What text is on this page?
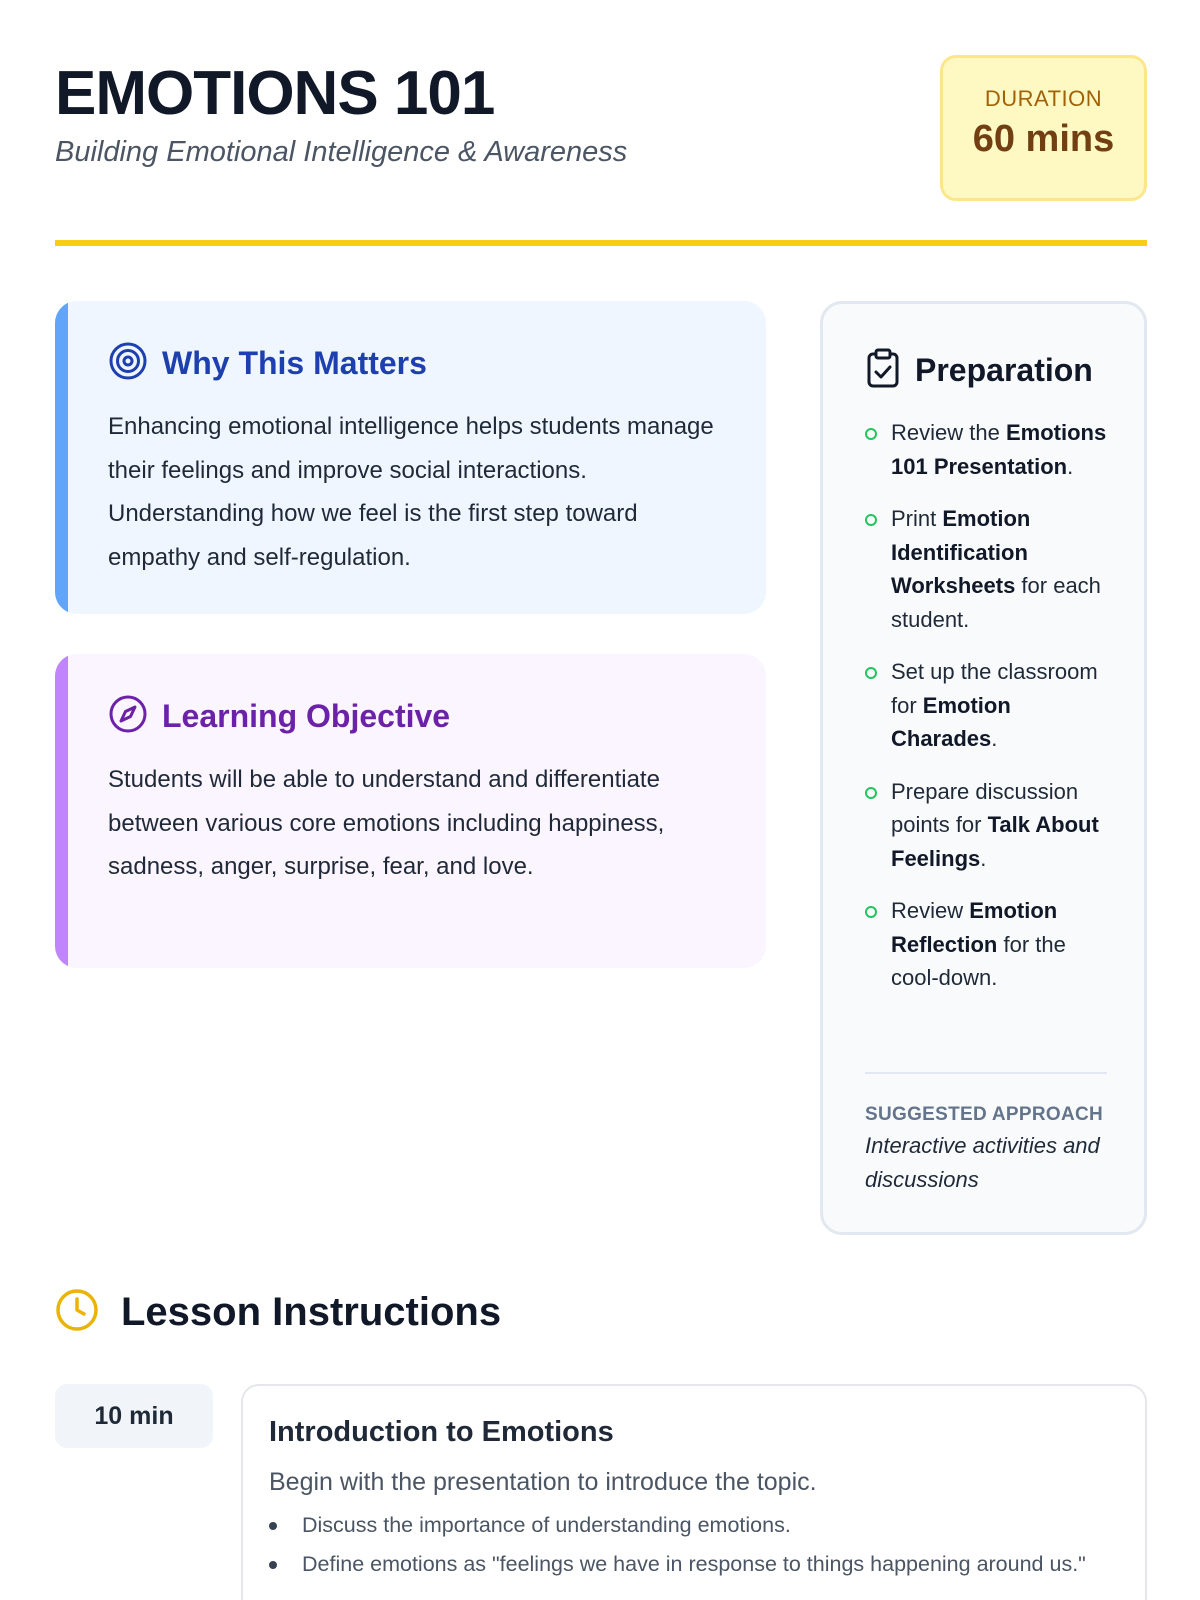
EMOTIONS 101
Building Emotional Intelligence & Awareness
DURATION
60 mins
Why This Matters

Enhancing emotional intelligence helps students manage their feelings and improve social interactions. Understanding how we feel is the first step toward empathy and self-regulation.

Learning Objective

Students will be able to understand and differentiate between various core emotions including happiness, sadness, anger, surprise, fear, and love.

Preparation
Review the Emotions 101 Presentation.
Print Emotion Identification Worksheets for each student.
Set up the classroom for Emotion Charades.
Prepare discussion points for Talk About Feelings.
Review Emotion Reflection for the cool-down.
SUGGESTED APPROACH
Interactive activities and discussions
Lesson Instructions
10 min	Introduction to Emotions

Begin with the presentation to introduce the topic.

Discuss the importance of understanding emotions.
Define emotions as "feelings we have in response to things happening around us."
